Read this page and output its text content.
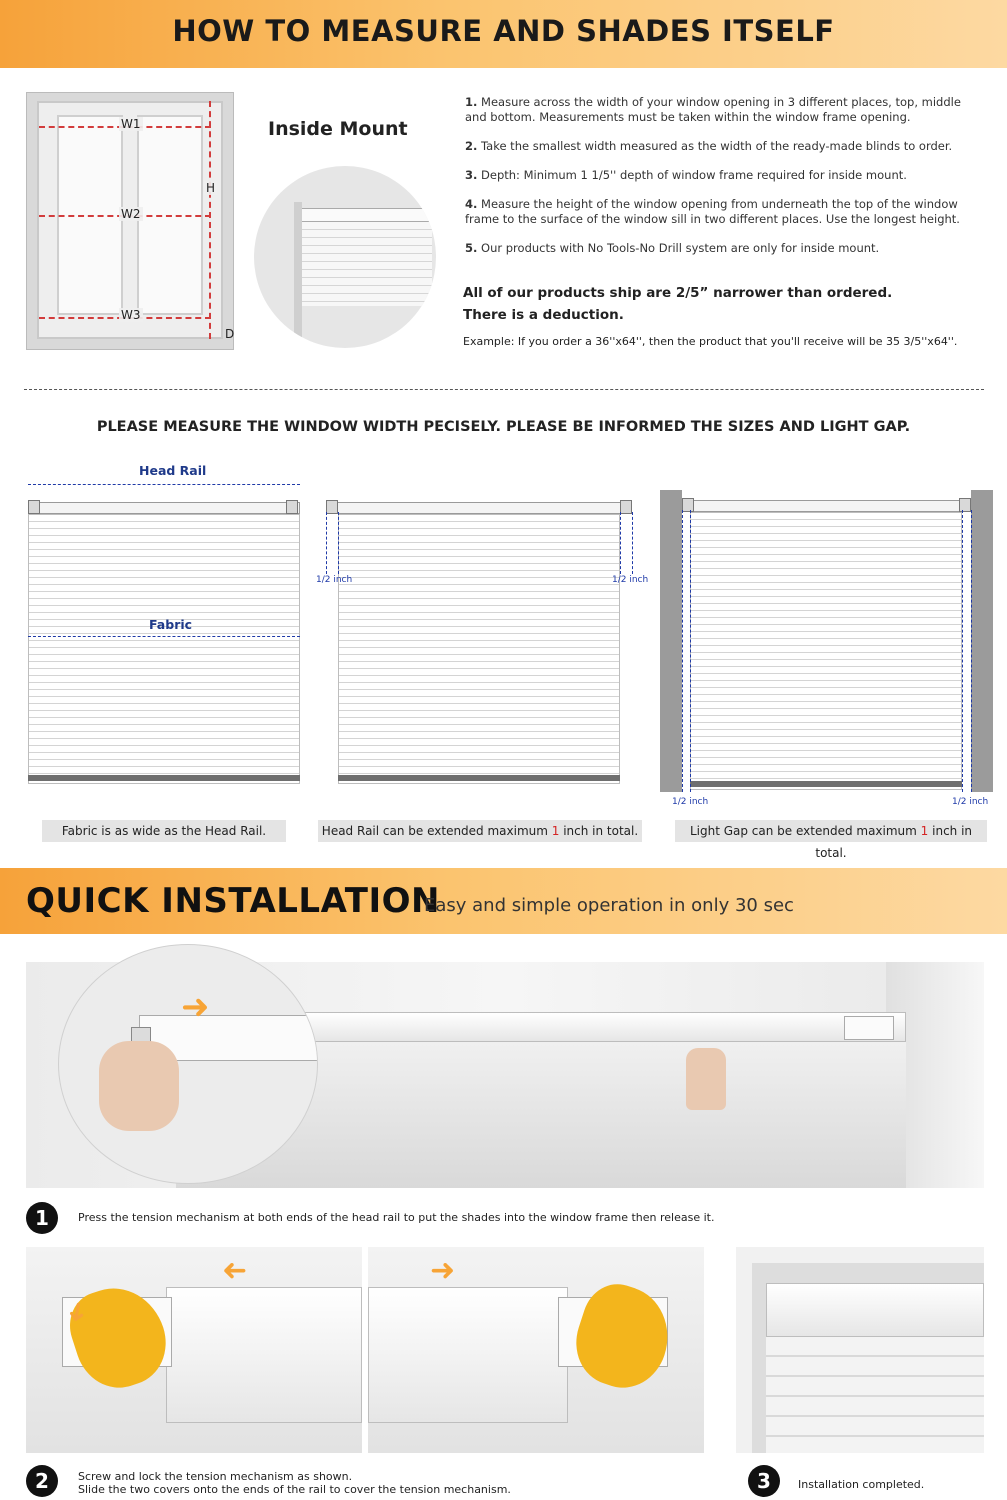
HOW TO MEASURE AND SHADES ITSELF
W1
W2
W3
H
D
Inside Mount

1. Measure across the width of your window opening in 3 different places, top, middle and bottom. Measurements must be taken within the window frame opening.

2. Take the smallest width measured as the width of the ready-made blinds to order.

3. Depth: Minimum 1 1/5'' depth of window frame required for inside mount.

4. Measure the height of the window opening from underneath the top of the window frame to the surface of the window sill in two different places. Use the longest height.

5. Our products with No Tools-No Drill system are only for inside mount.

All of our products ship are 2/5” narrower than ordered.
There is a deduction.
Example: If you order a 36''x64'', then the product that you'll receive will be 35 3/5''x64''.
PLEASE MEASURE THE WINDOW WIDTH PECISELY. PLEASE BE INFORMED THE SIZES AND LIGHT GAP.
Head Rail
Fabric
Fabric is as wide as the Head Rail.
1/2 inch	1/2 inch
Head Rail can be extended maximum 1 inch in total.
1/2 inch	1/2 inch
Light Gap can be extended maximum 1 inch in total.
QUICK INSTALLATION
Easy and simple operation in only 30 sec
➜
1	Press the tension mechanism at both ends of the head rail to put the shades into the window frame then release it.
➜
➜
➜
2	Screw and lock the tension mechanism as shown.
Slide the two covers onto the ends of the rail to cover the tension mechanism.	3	Installation completed.
